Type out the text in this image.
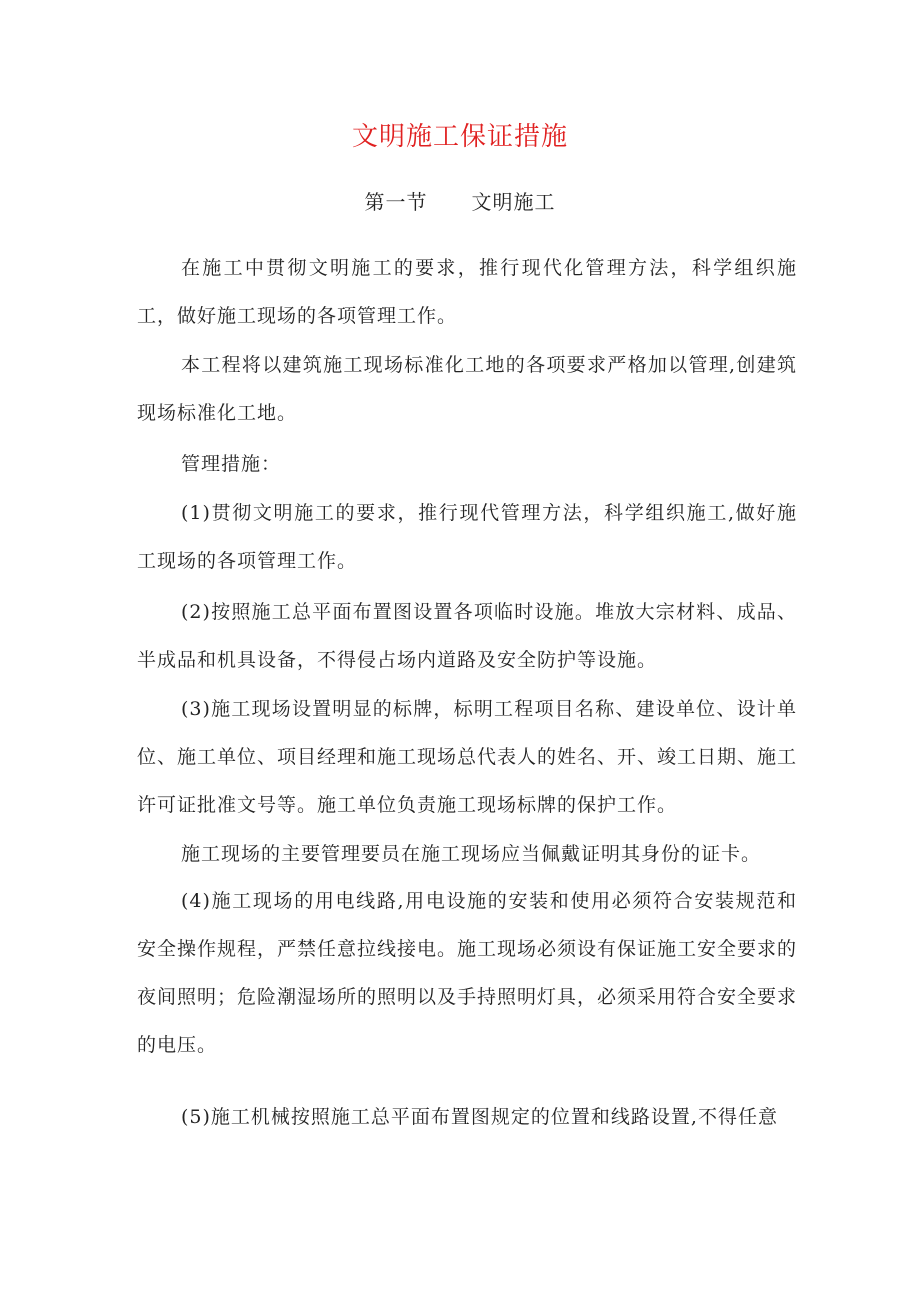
文明施工保证措施
第一节 文明施工

在施工中贯彻文明施工的要求，推行现代化管理方法，科学组织施工，做好施工现场的各项管理工作。

本工程将以建筑施工现场标准化工地的各项要求严格加以管理,创建筑现场标准化工地。

管理措施：

(1)贯彻文明施工的要求，推行现代管理方法，科学组织施工,做好施工现场的各项管理工作。

(2)按照施工总平面布置图设置各项临时设施。堆放大宗材料、成品、半成品和机具设备，不得侵占场内道路及安全防护等设施。

(3)施工现场设置明显的标牌，标明工程项目名称、建设单位、设计单位、施工单位、项目经理和施工现场总代表人的姓名、开、竣工日期、施工许可证批准文号等。施工单位负责施工现场标牌的保护工作。

施工现场的主要管理要员在施工现场应当佩戴证明其身份的证卡。

(4)施工现场的用电线路,用电设施的安装和使用必须符合安装规范和安全操作规程，严禁任意拉线接电。施工现场必须设有保证施工安全要求的夜间照明；危险潮湿场所的照明以及手持照明灯具，必须采用符合安全要求的电压。

(5)施工机械按照施工总平面布置图规定的位置和线路设置,不得任意
